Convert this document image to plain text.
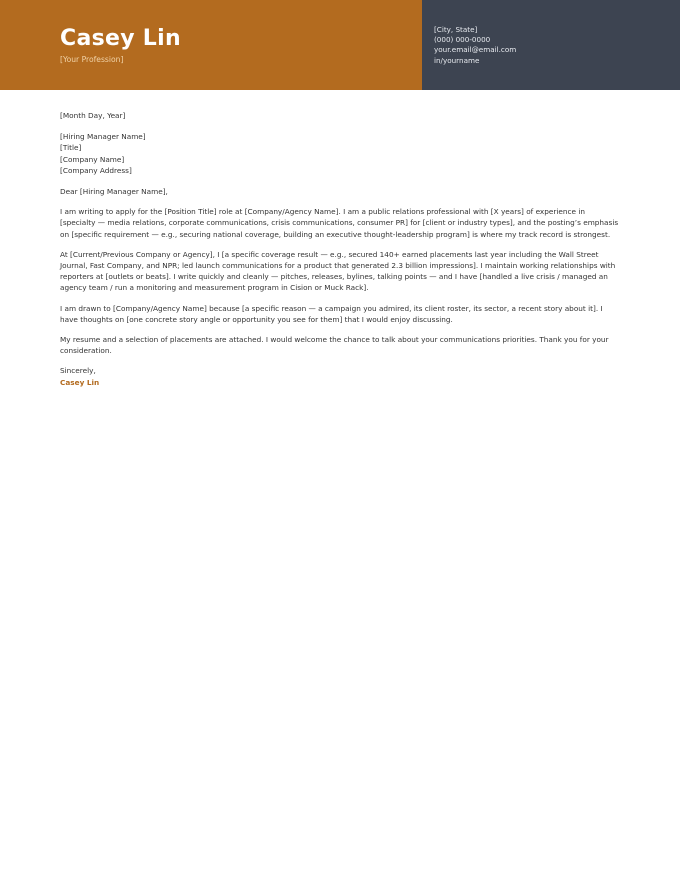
Casey Lin
[Your Profession]
[City, State]
(000) 000-0000
your.email@email.com
in/yourname

[Month Day, Year]

[Hiring Manager Name]

[Title]

[Company Name]

[Company Address]

Dear [Hiring Manager Name],

I am writing to apply for the [Position Title] role at [Company/Agency Name]. I am a public relations professional with [X years] of experience in [specialty — media relations, corporate communications, crisis communications, consumer PR] for [client or industry types], and the posting’s emphasis on [specific requirement — e.g., securing national coverage, building an executive thought-leadership program] is where my track record is strongest.

At [Current/Previous Company or Agency], I [a specific coverage result — e.g., secured 140+ earned placements last year including the Wall Street Journal, Fast Company, and NPR; led launch communications for a product that generated 2.3 billion impressions]. I maintain working relationships with reporters at [outlets or beats]. I write quickly and cleanly — pitches, releases, bylines, talking points — and I have [handled a live crisis / managed an agency team / run a monitoring and measurement program in Cision or Muck Rack].

I am drawn to [Company/Agency Name] because [a specific reason — a campaign you admired, its client roster, its sector, a recent story about it]. I have thoughts on [one concrete story angle or opportunity you see for them] that I would enjoy discussing.

My resume and a selection of placements are attached. I would welcome the chance to talk about your communications priorities. Thank you for your consideration.

Sincerely,

Casey Lin
